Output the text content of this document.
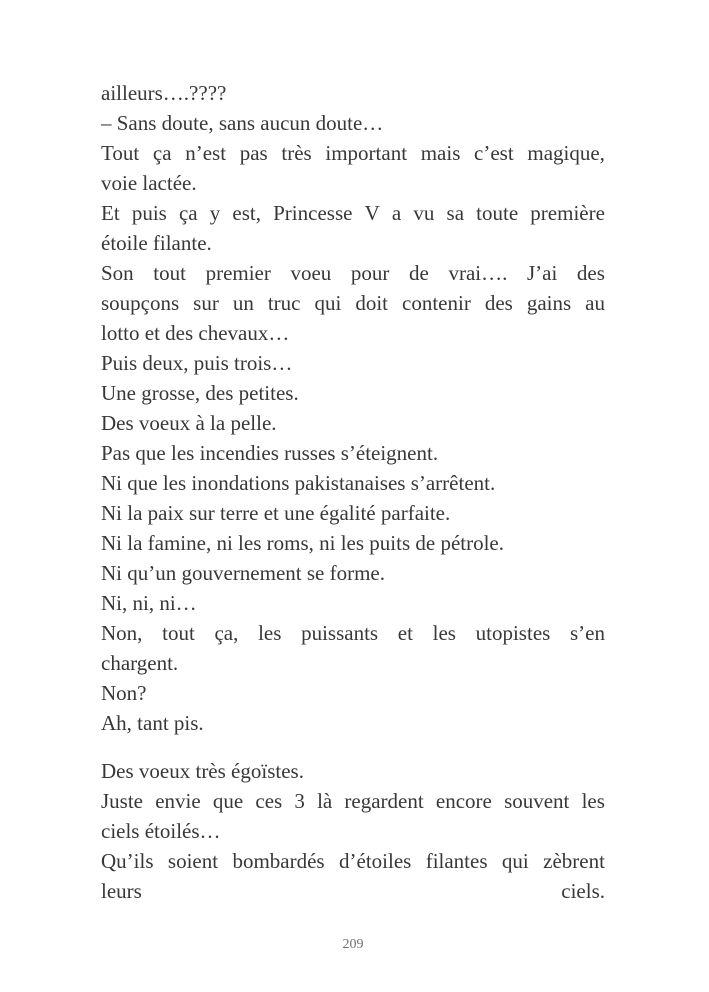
ailleurs….????
– Sans doute, sans aucun doute…
Tout ça n’est pas très important mais c’est magique,
voie lactée.
Et puis ça y est, Princesse V a vu sa toute première
étoile filante.
Son tout premier voeu pour de vrai…. J’ai des
soupçons sur un truc qui doit contenir des gains au
lotto et des chevaux…
Puis deux, puis trois…
Une grosse, des petites.
Des voeux à la pelle.
Pas que les incendies russes s’éteignent.
Ni que les inondations pakistanaises s’arrêtent.
Ni la paix sur terre et une égalité parfaite.
Ni la famine, ni les roms, ni les puits de pétrole.
Ni qu’un gouvernement se forme.
Ni, ni, ni…
Non, tout ça, les puissants et les utopistes s’en
chargent.
Non?
Ah, tant pis.
Des voeux très égoïstes.
Juste envie que ces 3 là regardent encore souvent les
ciels étoilés…
Qu’ils soient bombardés d’étoiles filantes qui zèbrent
leurs	ciels.
209
